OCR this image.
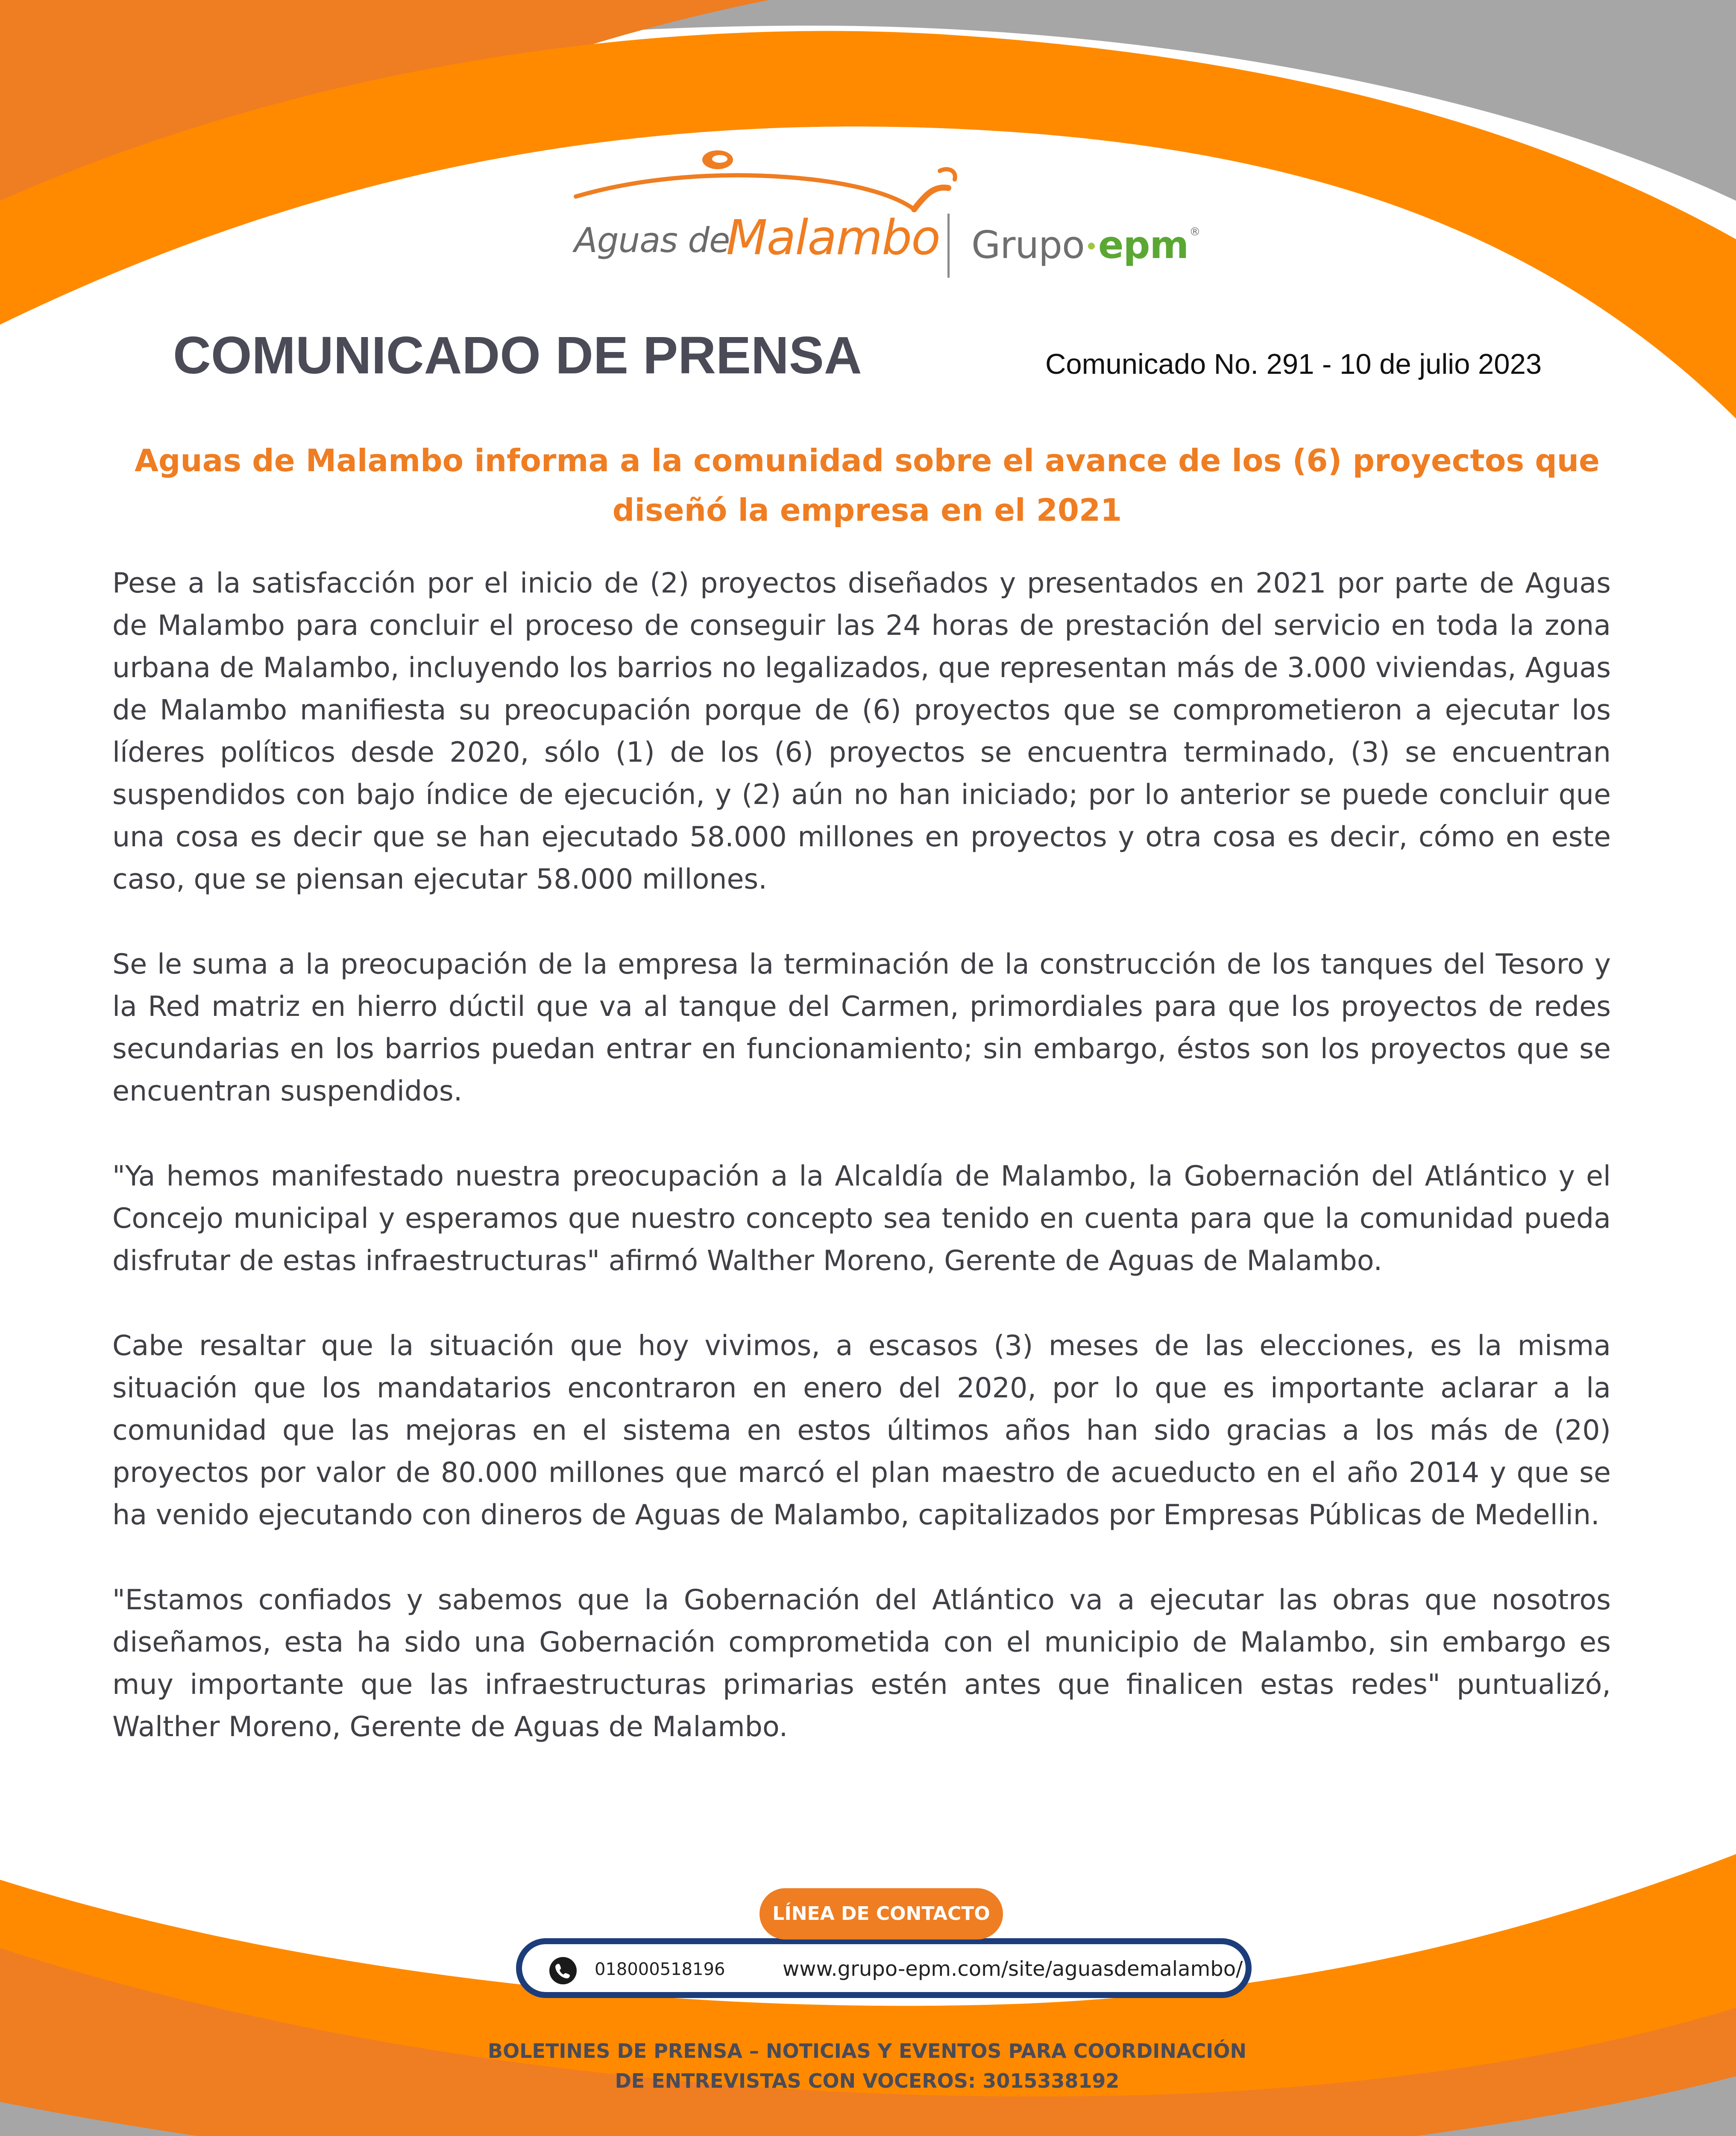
Aguas de
Malambo Grupo epm®
COMUNICADO DE PRENSA	Comunicado No. 291 - 10 de julio 2023
Aguas de Malambo informa a la comunidad sobre el avance de los (6) proyectos que
diseñó la empresa en el 2021

Pese a la satisfacción por el inicio de (2) proyectos diseñados y presentados en 2021 por parte de Aguas de Malambo para concluir el proceso de conseguir las 24 horas de prestación del servicio en toda la zona urbana de Malambo, incluyendo los barrios no legalizados, que representan más de 3.000 viviendas, Aguas de Malambo manifiesta su preocupación porque de (6) proyectos que se comprometieron a ejecutar los líderes políticos desde 2020, sólo (1) de los (6) proyectos se encuentra terminado, (3) se encuentran suspendidos con bajo índice de ejecución, y (2) aún no han iniciado; por lo anterior se puede concluir que una cosa es decir que se han ejecutado 58.000 millones en proyectos y otra cosa es decir, cómo en este caso, que se piensan ejecutar 58.000 millones.

Se le suma a la preocupación de la empresa la terminación de la construcción de los tanques del Tesoro y la Red matriz en hierro dúctil que va al tanque del Carmen, primordiales para que los proyectos de redes secundarias en los barrios puedan entrar en funcionamiento; sin embargo, éstos son los proyectos que se encuentran suspendidos.

"Ya hemos manifestado nuestra preocupación a la Alcaldía de Malambo, la Gobernación del Atlántico y el Concejo municipal y esperamos que nuestro concepto sea tenido en cuenta para que la comunidad pueda disfrutar de estas infraestructuras" afirmó Walther Moreno, Gerente de Aguas de Malambo.

Cabe resaltar que la situación que hoy vivimos, a escasos (3) meses de las elecciones, es la misma situación que los mandatarios encontraron en enero del 2020, por lo que es importante aclarar a la comunidad que las mejoras en el sistema en estos últimos años han sido gracias a los más de (20) proyectos por valor de 80.000 millones que marcó el plan maestro de acueducto en el año 2014 y que se ha venido ejecutando con dineros de Aguas de Malambo, capitalizados por Empresas Públicas de Medellin.

"Estamos confiados y sabemos que la Gobernación del Atlántico va a ejecutar las obras que nosotros diseñamos, esta ha sido una Gobernación comprometida con el municipio de Malambo, sin embargo es muy importante que las infraestructuras primarias estén antes que finalicen estas redes" puntualizó, Walther Moreno, Gerente de Aguas de Malambo.

LÍNEA DE CONTACTO
018000518196	www.grupo-epm.com/site/aguasdemalambo/
BOLETINES DE PRENSA – NOTICIAS Y EVENTOS PARA COORDINACIÓN
DE ENTREVISTAS CON VOCEROS: 3015338192
